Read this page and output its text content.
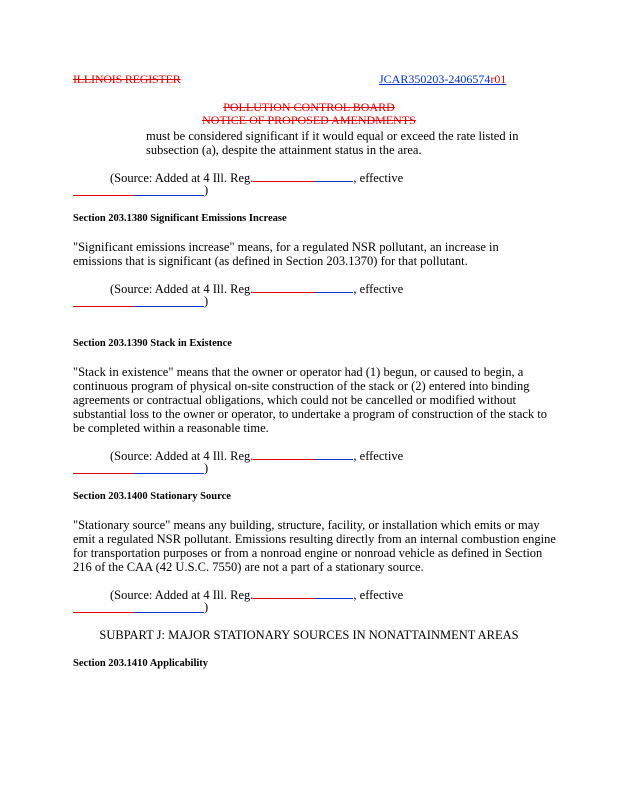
ILLINOIS REGISTER	JCAR350203-2406574r01
POLLUTION CONTROL BOARD
NOTICE OF PROPOSED AMENDMENTS
must be considered significant if it would equal or exceed the rate listed in
subsection (a), despite the attainment status in the area.
(Source: Added at 4 Ill. Reg.	, effective
)
Section 203.1380 Significant Emissions Increase
"Significant emissions increase" means, for a regulated NSR pollutant, an increase in
emissions that is significant (as defined in Section 203.1370) for that pollutant.
(Source: Added at 4 Ill. Reg.	, effective
)
Section 203.1390 Stack in Existence
"Stack in existence" means that the owner or operator had (1) begun, or caused to begin, a
continuous program of physical on-site construction of the stack or (2) entered into binding
agreements or contractual obligations, which could not be cancelled or modified without
substantial loss to the owner or operator, to undertake a program of construction of the stack to
be completed within a reasonable time.
(Source: Added at 4 Ill. Reg.	, effective
)
Section 203.1400 Stationary Source
"Stationary source" means any building, structure, facility, or installation which emits or may
emit a regulated NSR pollutant. Emissions resulting directly from an internal combustion engine
for transportation purposes or from a nonroad engine or nonroad vehicle as defined in Section
216 of the CAA (42 U.S.C. 7550) are not a part of a stationary source.
(Source: Added at 4 Ill. Reg.	, effective
)
SUBPART J: MAJOR STATIONARY SOURCES IN NONATTAINMENT AREAS
Section 203.1410 Applicability
